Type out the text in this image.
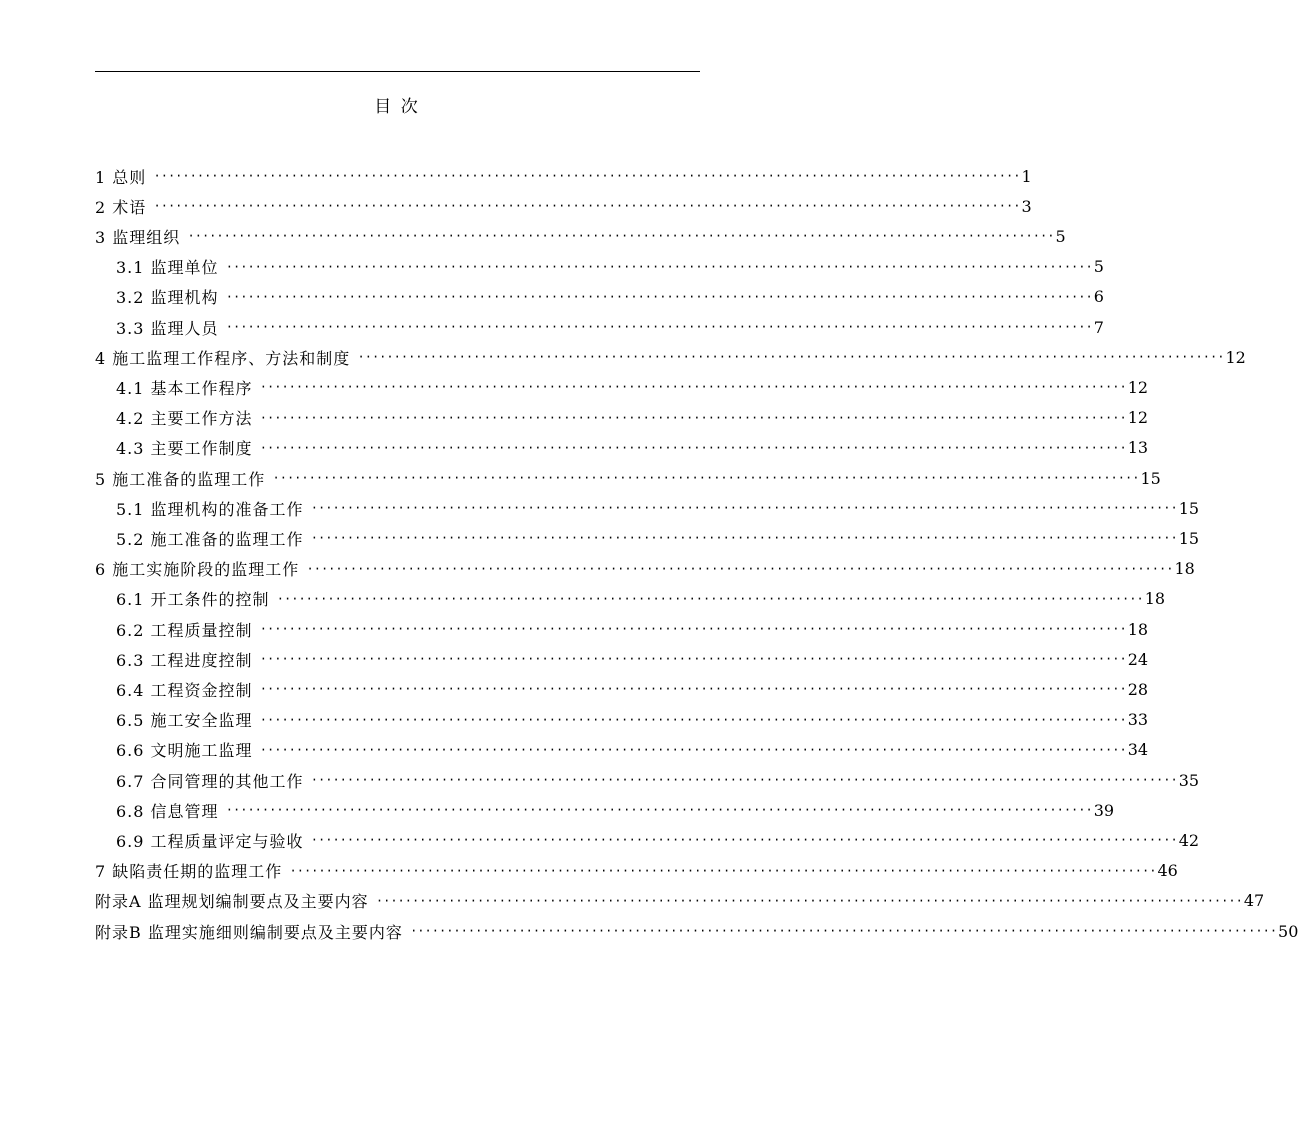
目 次
1 总则 ························································································································ 1
2 术语 ························································································································ 3
3 监理组织 ························································································································ 5
3.1 监理单位 ························································································································ 5
3.2 监理机构 ························································································································ 6
3.3 监理人员 ························································································································ 7
4 施工监理工作程序、方法和制度 ························································································································ 12
4.1 基本工作程序 ························································································································ 12
4.2 主要工作方法 ························································································································ 12
4.3 主要工作制度 ························································································································ 13
5 施工准备的监理工作 ························································································································ 15
5.1 监理机构的准备工作 ························································································································ 15
5.2 施工准备的监理工作 ························································································································ 15
6 施工实施阶段的监理工作 ························································································································ 18
6.1 开工条件的控制 ························································································································ 18
6.2 工程质量控制 ························································································································ 18
6.3 工程进度控制 ························································································································ 24
6.4 工程资金控制 ························································································································ 28
6.5 施工安全监理 ························································································································ 33
6.6 文明施工监理 ························································································································ 34
6.7 合同管理的其他工作 ························································································································ 35
6.8 信息管理 ························································································································ 39
6.9 工程质量评定与验收 ························································································································ 42
7 缺陷责任期的监理工作 ························································································································ 46
附录A 监理规划编制要点及主要内容 ························································································································ 47
附录B 监理实施细则编制要点及主要内容 ························································································································ 50
